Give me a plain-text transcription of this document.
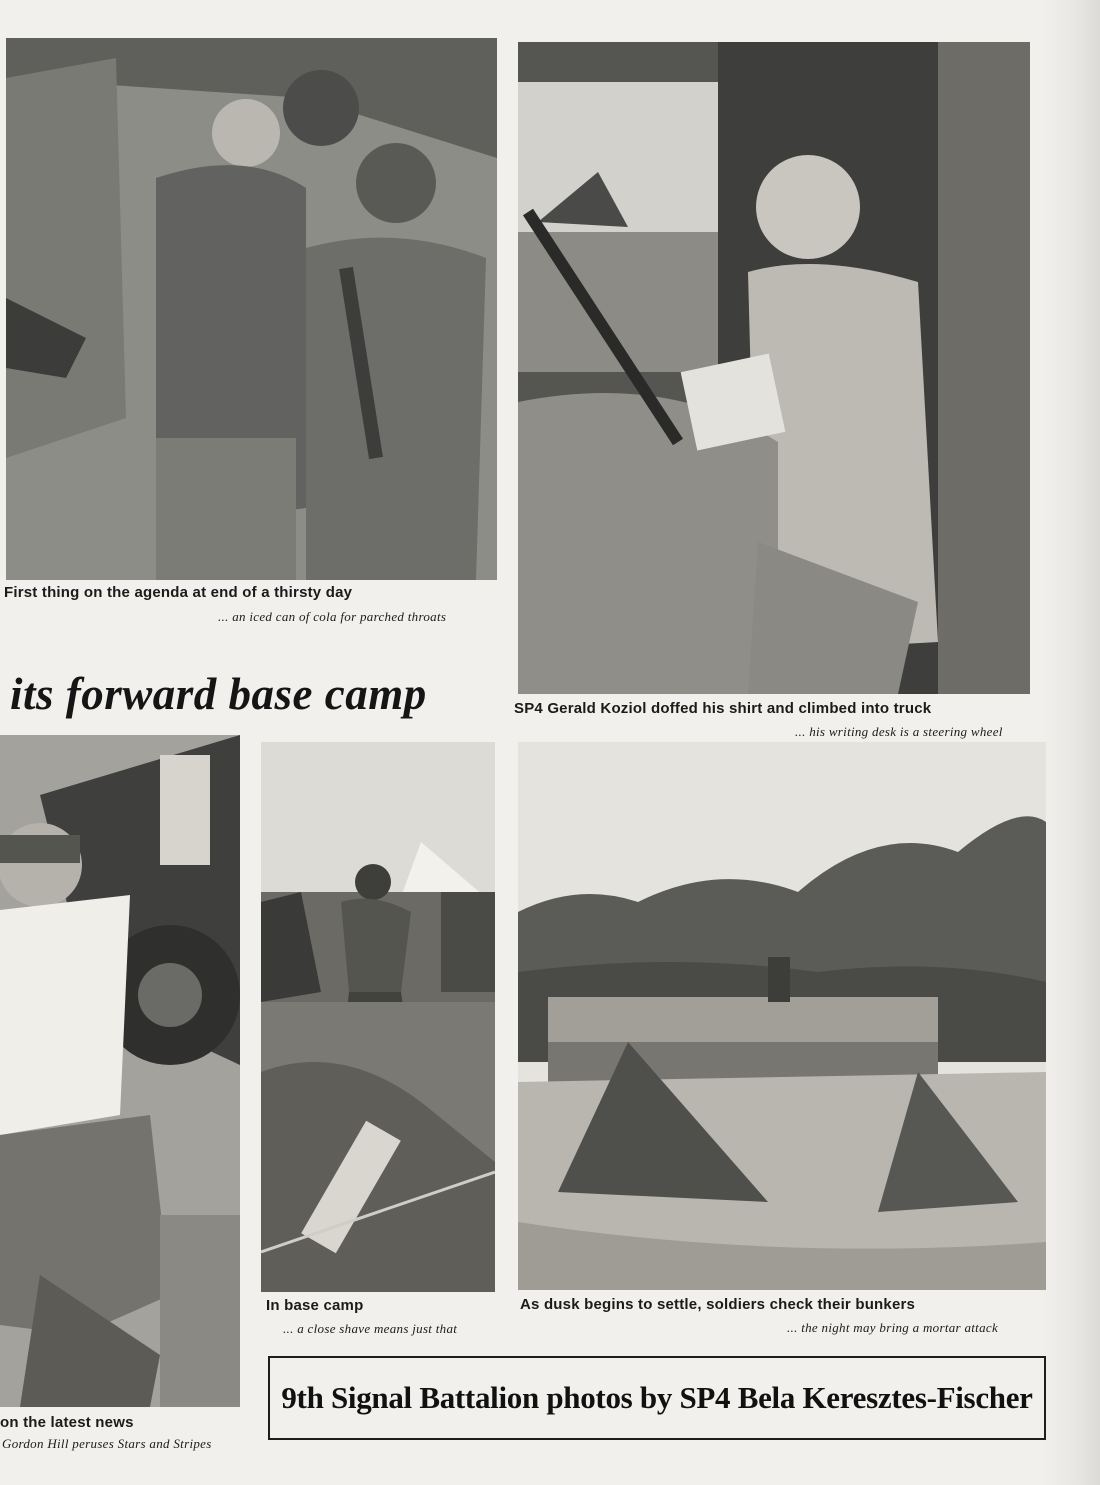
First thing on the agenda at end of a thirsty day
... an iced can of cola for parched throats
its forward base camp	SP4 Gerald Koziol doffed his shirt and climbed into truck
... his writing desk is a steering wheel
on the latest news
Gordon Hill peruses Stars and Stripes
In base camp
... a close shave means just that
As dusk begins to settle, soldiers check their bunkers
... the night may bring a mortar attack
9th Signal Battalion photos by SP4 Bela Keresztes-Fischer
